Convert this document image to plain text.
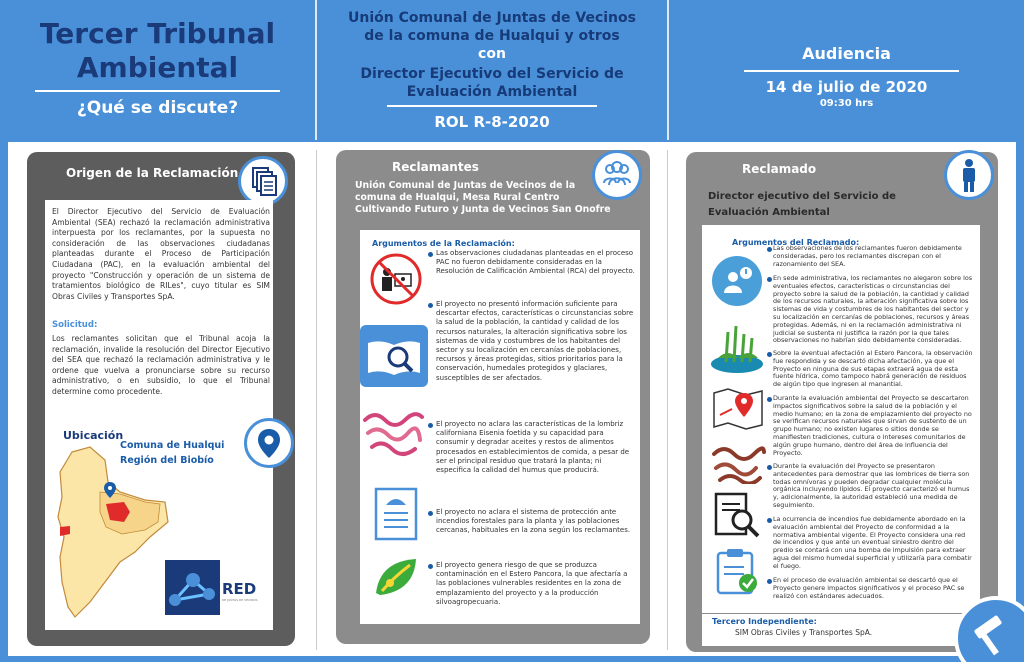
Tercer Tribunal
Ambiental
¿Qué se discute?
Unión Comunal de Juntas de Vecinos
de la comuna de Hualqui y otros
con
Director Ejecutivo del Servicio de
Evaluación Ambiental
ROL R-8-2020
Audiencia
14 de julio de 2020
09:30 hrs
Origen de la Reclamación
El Director Ejecutivo del Servicio de Evaluación Ambiental (SEA) rechazó la reclamación administrativa interpuesta por los reclamantes, por la supuesta no consideración de las observaciones ciudadanas planteadas durante el Proceso de Participación Ciudadana (PAC), en la evaluación ambiental del proyecto "Construcción y operación de un sistema de tratamientos biológico de RILes", cuyo titular es SIM Obras Civiles y Transportes SpA.
Solicitud:
Los reclamantes solicitan que el Tribunal acoja la reclamación, invalide la resolución del Director Ejecutivo del SEA que rechazó la reclamación administrativa y le ordene que vuelva a pronunciarse sobre su recurso administrativo, o en subsidio, lo que el Tribunal determine como procedente.
Ubicación
Comuna de Hualqui
Región del Biobío
RED
DE JUNTAS DE VECINOS
Reclamantes
Unión Comunal de Juntas de Vecinos de la
comuna de Hualqui, Mesa Rural Centro
Cultivando Futuro y Junta de Vecinos San Onofre
Argumentos de la Reclamación:
Las observaciones ciudadanas planteadas en el proceso PAC no fueron debidamente consideradas en la Resolución de Calificación Ambiental (RCA) del proyecto.
El proyecto no presentó información suficiente para descartar efectos, características o circunstancias sobre la salud de la población, la cantidad y calidad de los recursos naturales, la alteración significativa sobre los sistemas de vida y costumbres de los habitantes del sector y su localización en cercanías de poblaciones, recursos y áreas protegidas, sitios prioritarios para la conservación, humedales protegidos y glaciares, susceptibles de ser afectados.
El proyecto no aclara las características de la lombriz californiana Eisenia foetida y su capacidad para consumir y degradar aceites y restos de alimentos procesados en establecimientos de comida, a pesar de ser el principal residuo que tratará la planta; ni especifica la calidad del humus que producirá.
El proyecto no aclara el sistema de protección ante incendios forestales para la planta y las poblaciones cercanas, habituales en la zona según los reclamantes.
El proyecto genera riesgo de que se produzca contaminación en el Estero Pancora, la que afectaría a las poblaciones vulnerables residentes en la zona de emplazamiento del proyecto y a la producción silvoagropecuaria.
Reclamado
Director ejecutivo del Servicio de
Evaluación Ambiental
Argumentos del Reclamado:
Las observaciones de los reclamantes fueron debidamente consideradas, pero los reclamantes discrepan con el razonamiento del SEA.
En sede administrativa, los reclamantes no alegaron sobre los eventuales efectos, características o circunstancias del proyecto sobre la salud de la población, la cantidad y calidad de los recursos naturales, la alteración significativa sobre los sistemas de vida y costumbres de los habitantes del sector y su localización en cercanías de poblaciones, recursos y áreas protegidas. Además, ni en la reclamación administrativa ni judicial se sustenta ni justifica la razón por la que tales observaciones no habrían sido debidamente consideradas.
Sobre la eventual afectación al Estero Pancora, la observación fue respondida y se descartó dicha afectación, ya que el Proyecto en ninguna de sus etapas extraerá agua de esta fuente hídrica, como tampoco habrá generación de residuos de algún tipo que ingresen al manantial.
Durante la evaluación ambiental del Proyecto se descartaron impactos significativos sobre la salud de la población y el medio humano; en la zona de emplazamiento del proyecto no se verifican recursos naturales que sirvan de sustento de un grupo humano; no existen lugares o sitios donde se manifiesten tradiciones, cultura o intereses comunitarios de algún grupo humano, dentro del área de influencia del Proyecto.
Durante la evaluación del Proyecto se presentaron antecedentes para demostrar que las lombrices de tierra son todas omnívoras y pueden degradar cualquier molécula orgánica incluyendo lípidos. El proyecto caracterizó el humus y, adicionalmente, la autoridad estableció una medida de seguimiento.
La ocurrencia de incendios fue debidamente abordado en la evaluación ambiental del Proyecto de conformidad a la normativa ambiental vigente. El Proyecto considera una red de incendios y que ante un eventual siniestro dentro del predio se contará con una bomba de impulsión para extraer agua del mismo humedal superficial y utilizaría para combatir el fuego.
En el proceso de evaluación ambiental se descartó que el Proyecto genere impactos significativos y el proceso PAC se realizó con estándares adecuados.
Tercero Independiente:
SIM Obras Civiles y Transportes SpA.
